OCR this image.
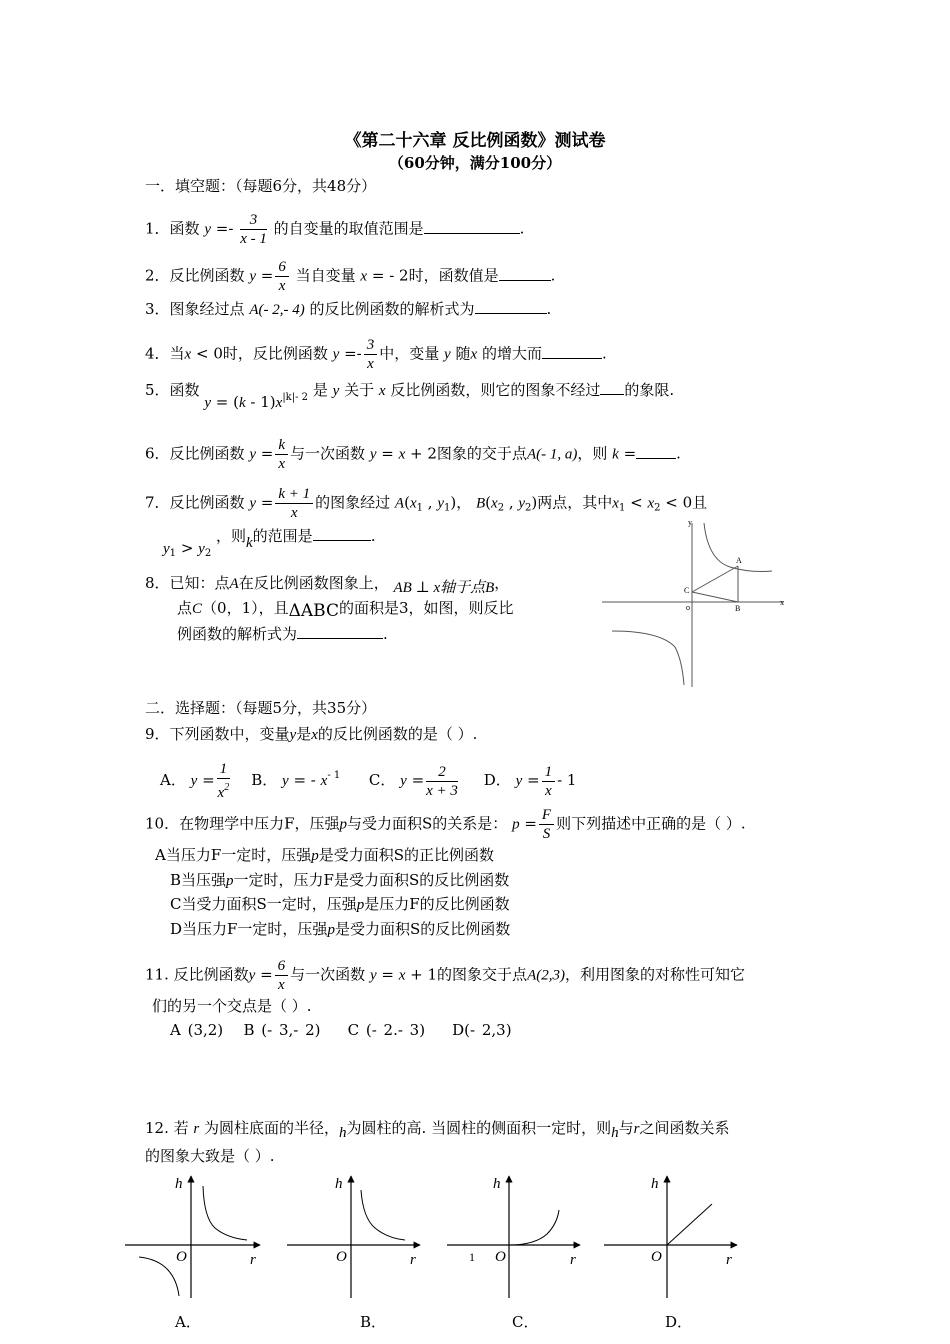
《第二十六章 反比例函数》测试卷
（60分钟，满分100分）
一．填空题：（每题6分，共48分）
1．函数 $y =- \frac{3}{x - 1}$ 的自变量的取值范围是	.
2．反比例函数 $y = \frac{6}{x}$ 当自变量 x = - 2时，函数值是	.
3．图象经过点 A(- 2,- 4) 的反比例函数的解析式为	.
4．当x < 0时，反比例函数 $y =- \frac{3}{x}$ 中，变量 y 随x 的增大而	.
5．函数 $y = (k - 1)x^{|k|- 2}$ 是 y 关于 x 反比例函数，则它的图象不经过 的象限.
6．反比例函数 $y = \frac{k}{x}$ 与一次函数 y = x + 2图象的交于点A(- 1, a)，则 k =	.
7．反比例函数 $y = \frac{k + 1}{x}$ 的图象经过 $A(x_1$ , $y_1$)， $B(x_2$ , $y_2$)两点，其中$x_1 < x_2 < 0$且
$y_1 > y_2$ ，则k的范围是	.
8．已知：点A在反比例函数图象上， AB ⊥ x轴于点B，
点C（0，1），且ΔABC的面积是3，如图，则反比
例函数的解析式为	.
y
x
o
A
B
C
二．选择题：（每题5分，共35分）
9．下列函数中，变量y是x的反比例函数的是（ ）.
A． $y = \frac{1}{x^2}$ B． y = - $x^{- 1}$ C． $y = \frac{2}{x + 3}$ D． $y = \frac{1}{x} - 1$
10．在物理学中压力F，压强p与受力面积S的关系是： $p = \frac{F}{S}$ 则下列描述中正确的是（ ）.
A当压力F一定时，压强p是受力面积S的正比例函数
B当压强p一定时，压力F是受力面积S的反比例函数
C当受力面积S一定时，压强p是压力F的反比例函数
D当压力F一定时，压强p是受力面积S的反比例函数
11. 反比例函数$y = \frac{6}{x}$ 与一次函数 y = x + 1的图象交于点A(2,3)，利用图象的对称性可知它
们的另一个交点是（ ）.
A (3,2) B (- 3,- 2) C (- 2.- 3) D(- 2,3)
12. 若 r 为圆柱底面的半径，h为圆柱的高. 当圆柱的侧面积一定时，则h与r之间函数关系
的图象大致是（ ）.
h
O	r
A．
h
O	r
B．
h
1 O	r
C．
h
O	r
D．
